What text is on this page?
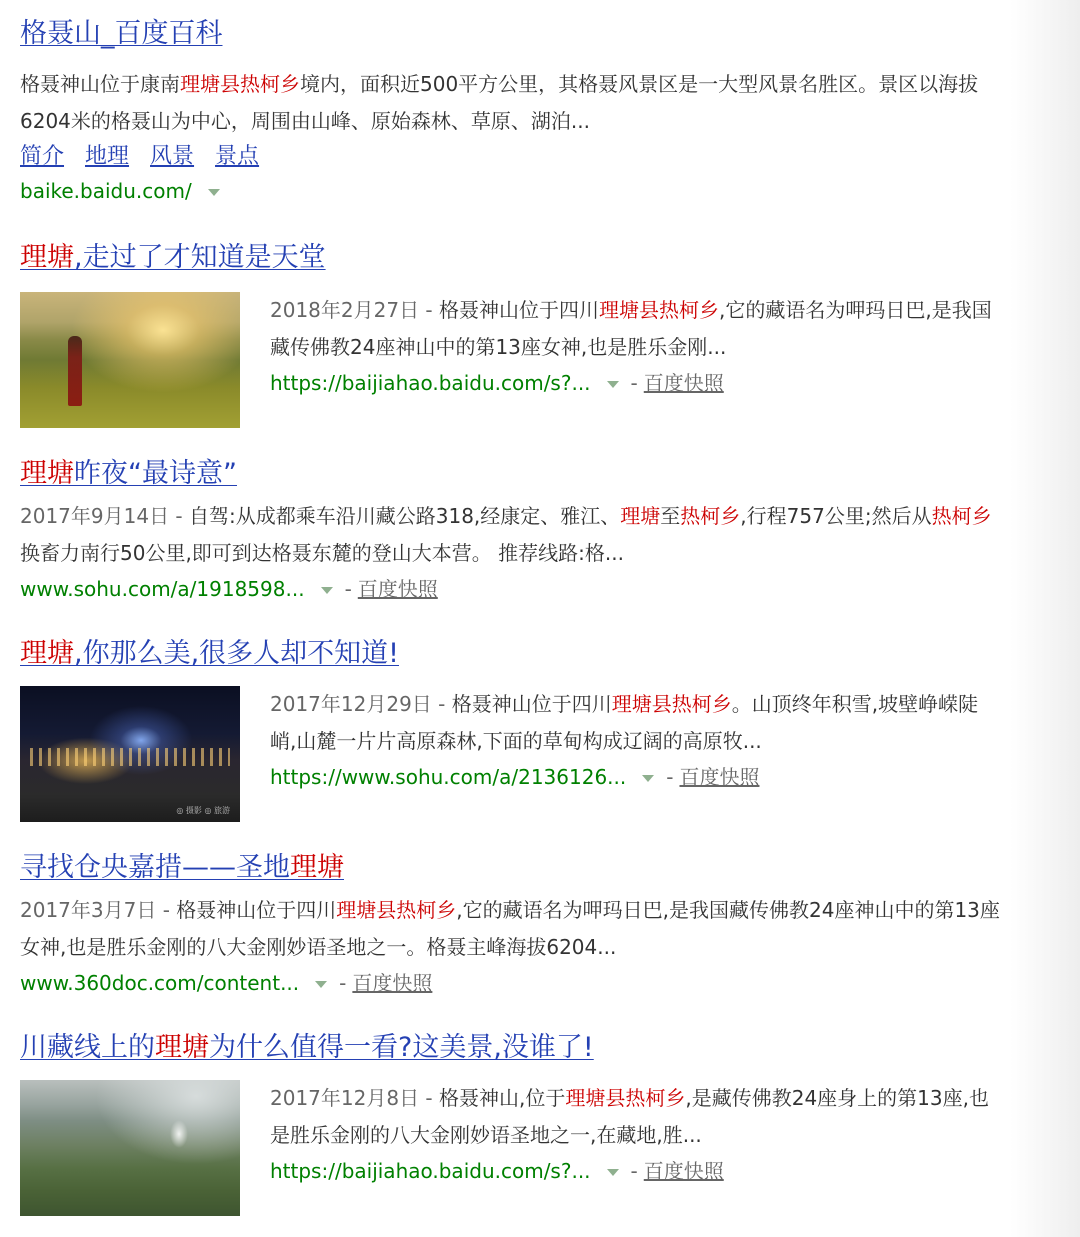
格聂山_百度百科
格聂神山位于康南理塘县热柯乡境内，面积近500平方公里，其格聂风景区是一大型风景名胜区。景区以海拔6204米的格聂山为中心，周围由山峰、原始森林、草原、湖泊...
简介 地理 风景 景点
baike.baidu.com/
理塘,走过了才知道是天堂
2018年2月27日 - 格聂神山位于四川理塘县热柯乡,它的藏语名为呷玛日巴,是我国藏传佛教24座神山中的第13座女神,也是胜乐金刚...
https://baijiahao.baidu.com/s?... - 百度快照
理塘昨夜“最诗意”
2017年9月14日 - 自驾:从成都乘车沿川藏公路318,经康定、雅江、理塘至热柯乡,行程757公里;然后从热柯乡换畜力南行50公里,即可到达格聂东麓的登山大本营。 推荐线路:格...
www.sohu.com/a/1918598... - 百度快照
理塘,你那么美,很多人却不知道!
◎ 摄影 ◎ 旅游
2017年12月29日 - 格聂神山位于四川理塘县热柯乡。山顶终年积雪,坡壁峥嵘陡峭,山麓一片片高原森林,下面的草甸构成辽阔的高原牧...
https://www.sohu.com/a/2136126... - 百度快照
寻找仓央嘉措——圣地理塘
2017年3月7日 - 格聂神山位于四川理塘县热柯乡,它的藏语名为呷玛日巴,是我国藏传佛教24座神山中的第13座女神,也是胜乐金刚的八大金刚妙语圣地之一。格聂主峰海拔6204...
www.360doc.com/content... - 百度快照
川藏线上的理塘为什么值得一看?这美景,没谁了!
2017年12月8日 - 格聂神山,位于理塘县热柯乡,是藏传佛教24座身上的第13座,也是胜乐金刚的八大金刚妙语圣地之一,在藏地,胜...
https://baijiahao.baidu.com/s?... - 百度快照
